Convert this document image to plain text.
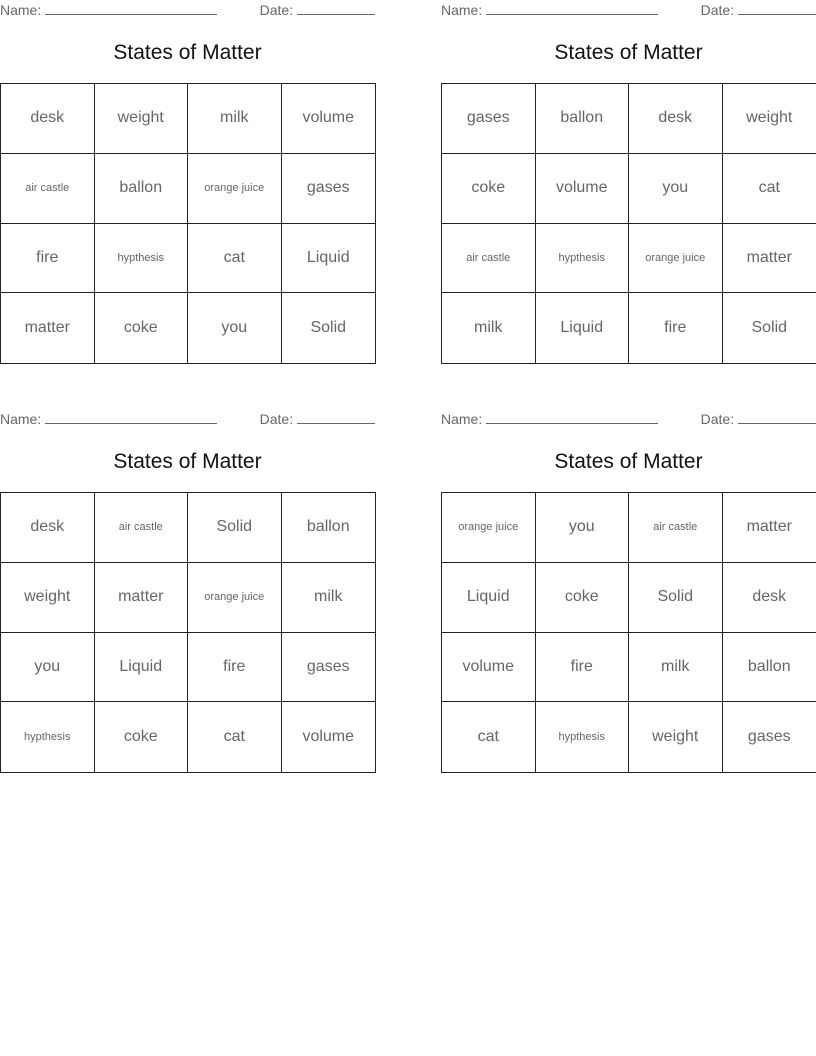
Name:	Date:
States of Matter
desk	weight	milk	volume
air castle	ballon	orange juice	gases
fire	hypthesis	cat	Liquid
matter	coke	you	Solid
Name:	Date:
States of Matter
gases	ballon	desk	weight
coke	volume	you	cat
air castle	hypthesis	orange juice	matter
milk	Liquid	fire	Solid
Name:	Date:
States of Matter
desk	air castle	Solid	ballon
weight	matter	orange juice	milk
you	Liquid	fire	gases
hypthesis	coke	cat	volume
Name:	Date:
States of Matter
orange juice	you	air castle	matter
Liquid	coke	Solid	desk
volume	fire	milk	ballon
cat	hypthesis	weight	gases
